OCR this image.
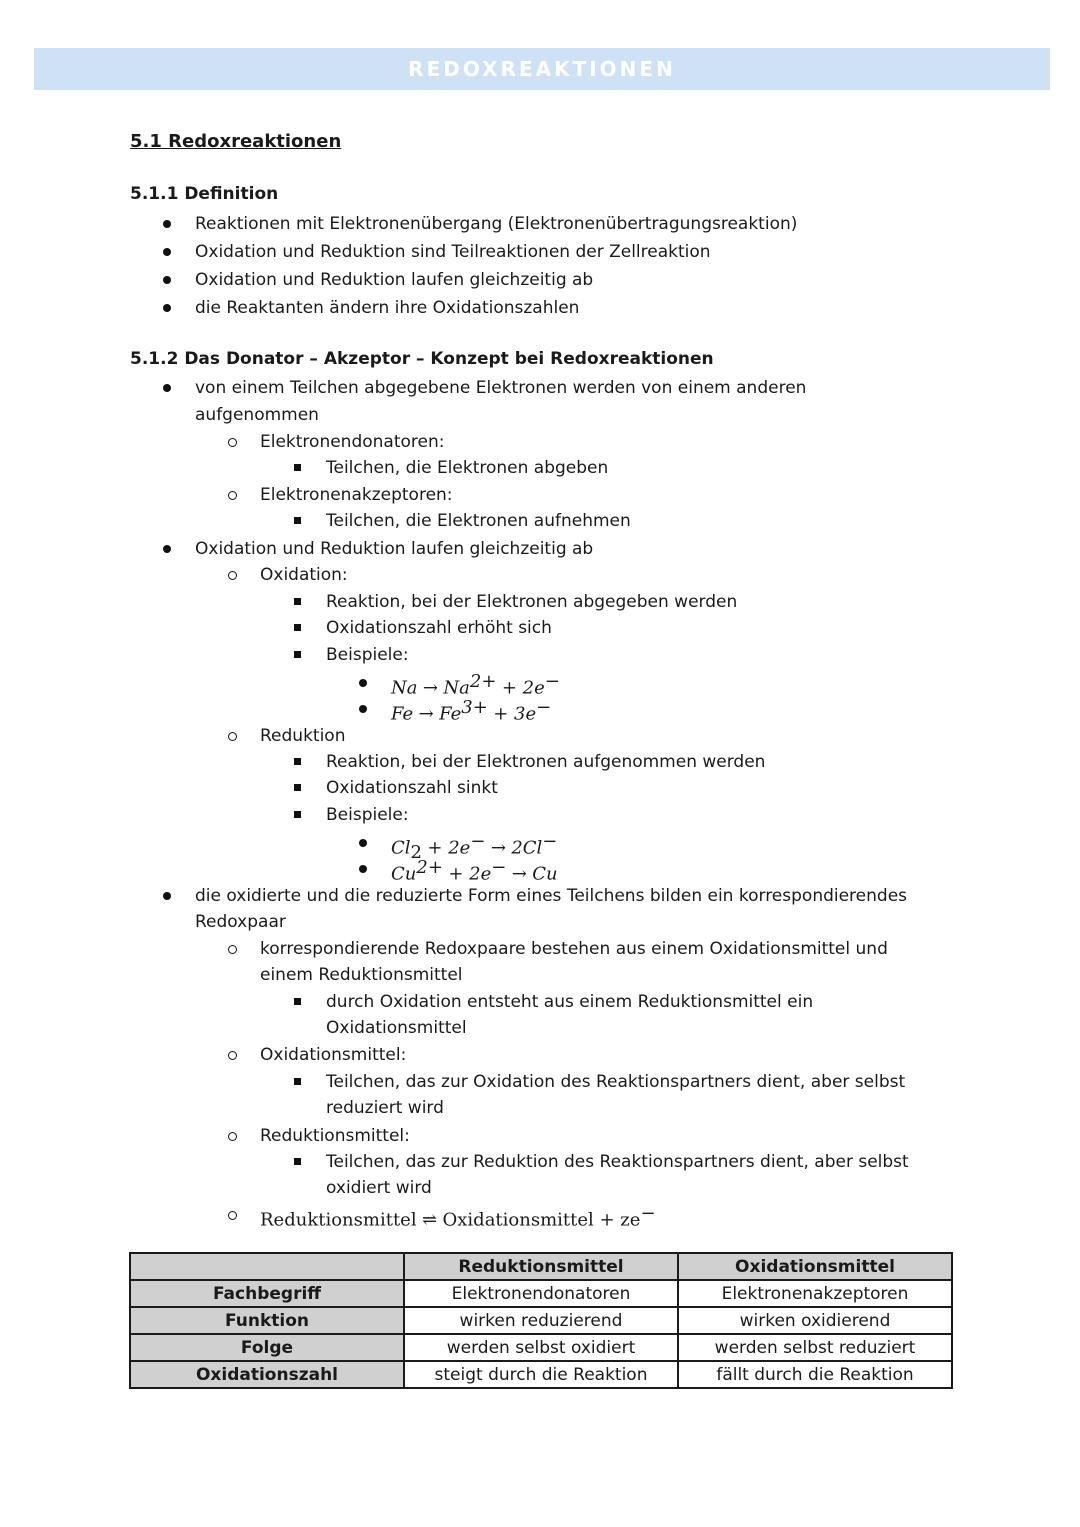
REDOXREAKTIONEN
5.1 Redoxreaktionen
5.1.1 Definition
Reaktionen mit Elektronenübergang (Elektronenübertragungsreaktion)
Oxidation und Reduktion sind Teilreaktionen der Zellreaktion
Oxidation und Reduktion laufen gleichzeitig ab
die Reaktanten ändern ihre Oxidationszahlen
5.1.2 Das Donator – Akzeptor – Konzept bei Redoxreaktionen
von einem Teilchen abgegebene Elektronen werden von einem anderen
aufgenommen
Elektronendonatoren:
Teilchen, die Elektronen abgeben
Elektronenakzeptoren:
Teilchen, die Elektronen aufnehmen
Oxidation und Reduktion laufen gleichzeitig ab
Oxidation:
Reaktion, bei der Elektronen abgegeben werden
Oxidationszahl erhöht sich
Beispiele:
$Na \to Na^{2+} + 2e^-$
$Fe \to Fe^{3+} + 3e^-$
Reduktion
Reaktion, bei der Elektronen aufgenommen werden
Oxidationszahl sinkt
Beispiele:
$Cl_2 + 2e^- \to 2Cl^-$
$Cu^{2+} + 2e^- \to Cu$
die oxidierte und die reduzierte Form eines Teilchens bilden ein korrespondierendes
Redoxpaar
korrespondierende Redoxpaare bestehen aus einem Oxidationsmittel und
einem Reduktionsmittel
durch Oxidation entsteht aus einem Reduktionsmittel ein
Oxidationsmittel
Oxidationsmittel:
Teilchen, das zur Oxidation des Reaktionspartners dient, aber selbst
reduziert wird
Reduktionsmittel:
Teilchen, das zur Reduktion des Reaktionspartners dient, aber selbst
oxidiert wird
Reduktionsmittel ⇌ Oxidationsmittel + ze−
	Reduktionsmittel	Oxidationsmittel
Fachbegriff	Elektronendonatoren	Elektronenakzeptoren
Funktion	wirken reduzierend	wirken oxidierend
Folge	werden selbst oxidiert	werden selbst reduziert
Oxidationszahl	steigt durch die Reaktion	fällt durch die Reaktion
